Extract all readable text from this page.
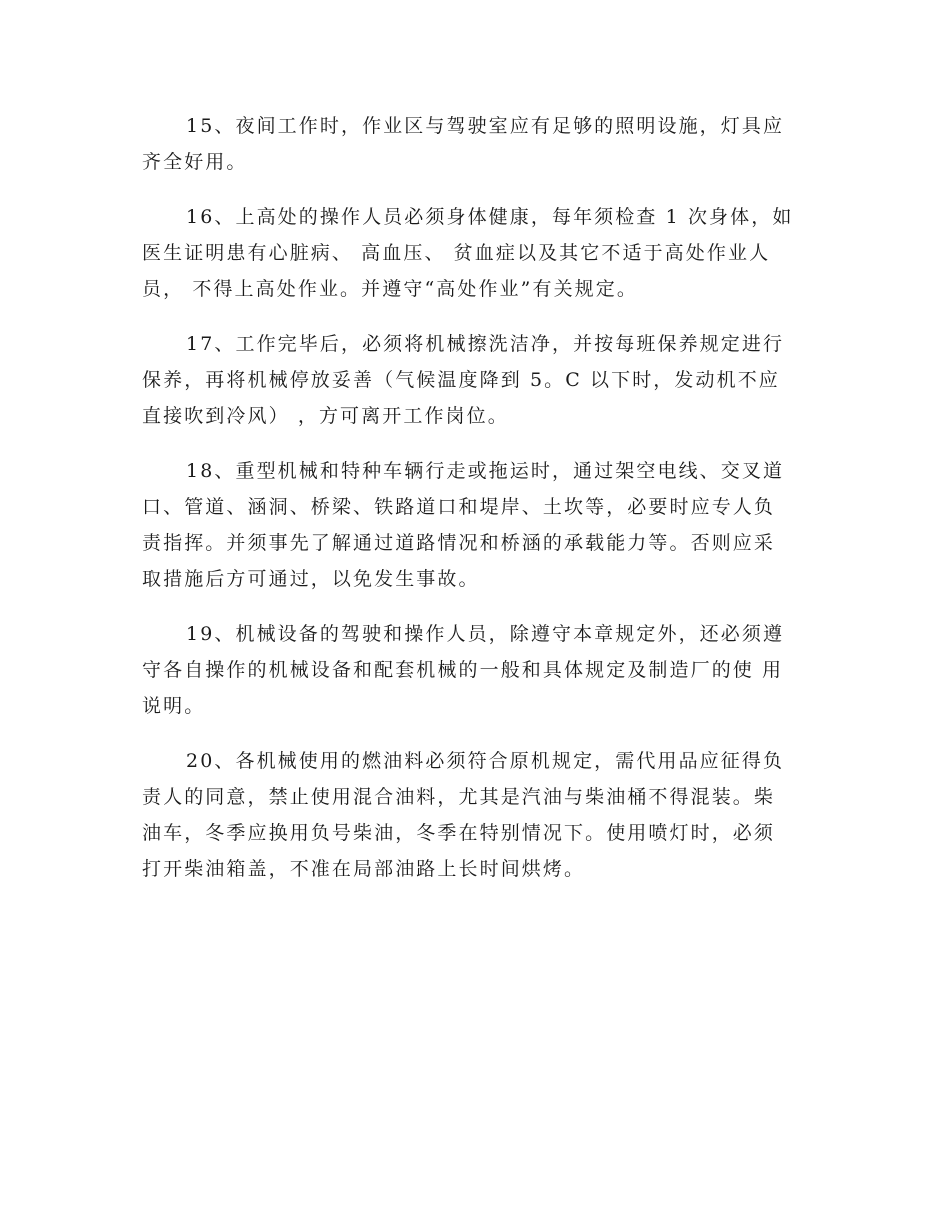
15、夜间工作时，作业区与驾驶室应有足够的照明设施，灯具应
齐全好用。
16、上高处的操作人员必须身体健康，每年须检查 1 次身体，如
医生证明患有心脏病、 高血压、 贫血症以及其它不适于高处作业人
员， 不得上高处作业。并遵守“高处作业”有关规定。
17、工作完毕后，必须将机械擦洗洁净，并按每班保养规定进行
保养，再将机械停放妥善（气候温度降到 5。C 以下时，发动机不应
直接吹到冷风） ，方可离开工作岗位。
18、重型机械和特种车辆行走或拖运时，通过架空电线、交叉道
口、管道、涵洞、桥梁、铁路道口和堤岸、土坎等，必要时应专人负
责指挥。并须事先了解通过道路情况和桥涵的承载能力等。否则应采
取措施后方可通过，以免发生事故。
19、机械设备的驾驶和操作人员，除遵守本章规定外，还必须遵
守各自操作的机械设备和配套机械的一般和具体规定及制造厂的使 用
说明。
20、各机械使用的燃油料必须符合原机规定，需代用品应征得负
责人的同意，禁止使用混合油料，尤其是汽油与柴油桶不得混装。柴
油车，冬季应换用负号柴油，冬季在特别情况下。使用喷灯时，必须
打开柴油箱盖，不准在局部油路上长时间烘烤。
